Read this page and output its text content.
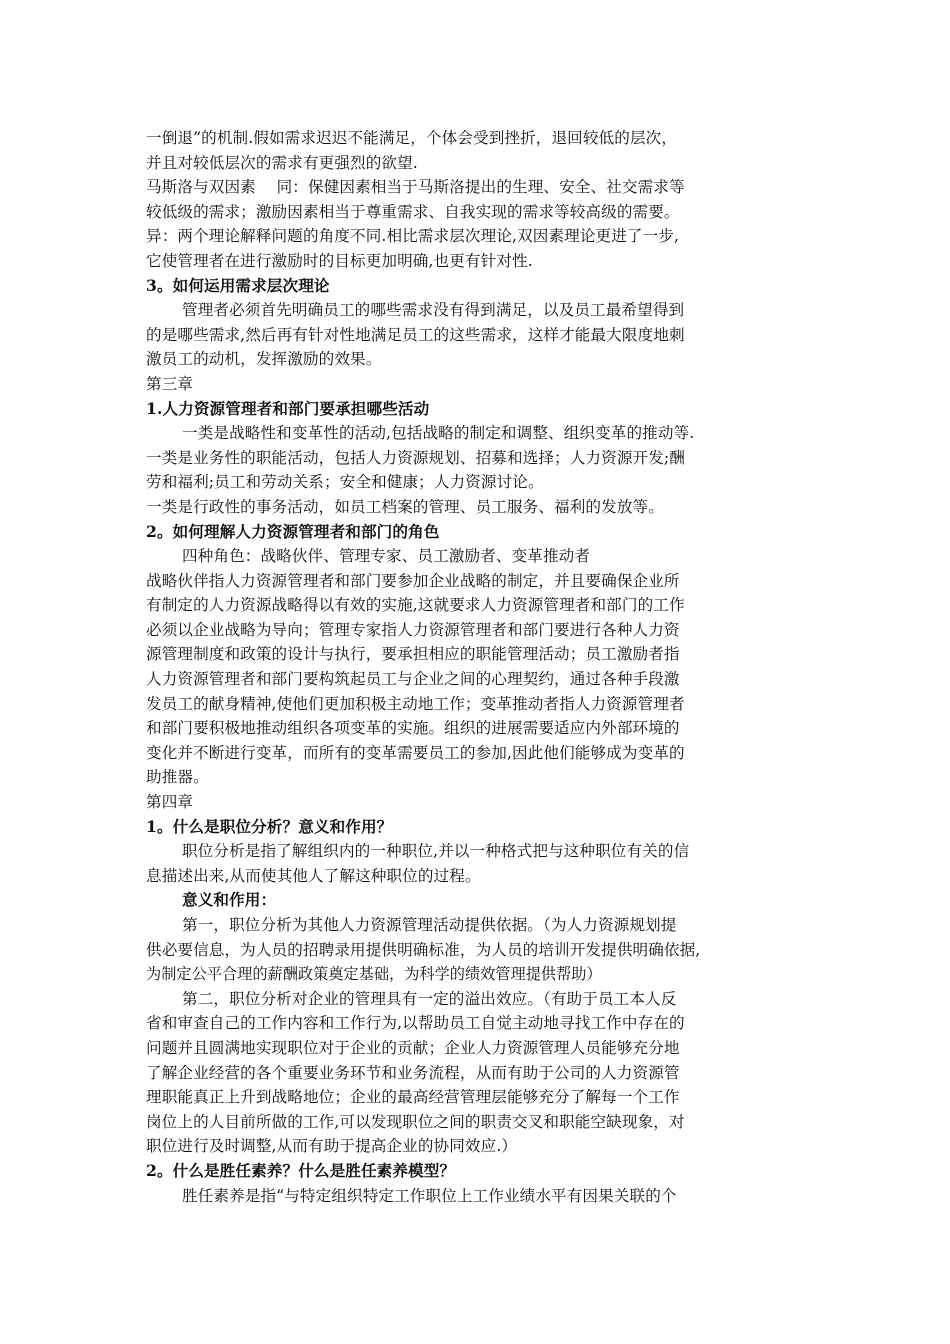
一倒退”的机制.假如需求迟迟不能满足，个体会受到挫折，退回较低的层次，
并且对较低层次的需求有更强烈的欲望.
马斯洛与双因素　 同：保健因素相当于马斯洛提出的生理、安全、社交需求等
较低级的需求；激励因素相当于尊重需求、自我实现的需求等较高级的需要。
异：两个理论解释问题的角度不同.相比需求层次理论,双因素理论更进了一步,
它使管理者在进行激励时的目标更加明确,也更有针对性.
3。如何运用需求层次理论
管理者必须首先明确员工的哪些需求没有得到满足，以及员工最希望得到
的是哪些需求,然后再有针对性地满足员工的这些需求，这样才能最大限度地刺
激员工的动机，发挥激励的效果。
第三章
1.人力资源管理者和部门要承担哪些活动
一类是战略性和变革性的活动,包括战略的制定和调整、组织变革的推动等.
一类是业务性的职能活动，包括人力资源规划、招募和选择；人力资源开发;酬
劳和福利;员工和劳动关系；安全和健康；人力资源讨论。
一类是行政性的事务活动，如员工档案的管理、员工服务、福利的发放等。
2。如何理解人力资源管理者和部门的角色
四种角色：战略伙伴、管理专家、员工激励者、变革推动者
战略伙伴指人力资源管理者和部门要参加企业战略的制定，并且要确保企业所
有制定的人力资源战略得以有效的实施,这就要求人力资源管理者和部门的工作
必须以企业战略为导向；管理专家指人力资源管理者和部门要进行各种人力资
源管理制度和政策的设计与执行，要承担相应的职能管理活动；员工激励者指
人力资源管理者和部门要构筑起员工与企业之间的心理契约，通过各种手段激
发员工的献身精神,使他们更加积极主动地工作；变革推动者指人力资源管理者
和部门要积极地推动组织各项变革的实施。组织的进展需要适应内外部环境的
变化并不断进行变革，而所有的变革需要员工的参加,因此他们能够成为变革的
助推器。
第四章
1。什么是职位分析？意义和作用？
职位分析是指了解组织内的一种职位,并以一种格式把与这种职位有关的信
息描述出来,从而使其他人了解这种职位的过程。
意义和作用：
第一，职位分析为其他人力资源管理活动提供依据。（为人力资源规划提
供必要信息，为人员的招聘录用提供明确标准，为人员的培训开发提供明确依据,
为制定公平合理的薪酬政策奠定基础，为科学的绩效管理提供帮助）
第二，职位分析对企业的管理具有一定的溢出效应。（有助于员工本人反
省和审查自己的工作内容和工作行为,以帮助员工自觉主动地寻找工作中存在的
问题并且圆满地实现职位对于企业的贡献；企业人力资源管理人员能够充分地
了解企业经营的各个重要业务环节和业务流程，从而有助于公司的人力资源管
理职能真正上升到战略地位；企业的最高经营管理层能够充分了解每一个工作
岗位上的人目前所做的工作,可以发现职位之间的职责交叉和职能空缺现象，对
职位进行及时调整,从而有助于提高企业的协同效应.）
2。什么是胜任素养？什么是胜任素养模型？
胜任素养是指“与特定组织特定工作职位上工作业绩水平有因果关联的个
